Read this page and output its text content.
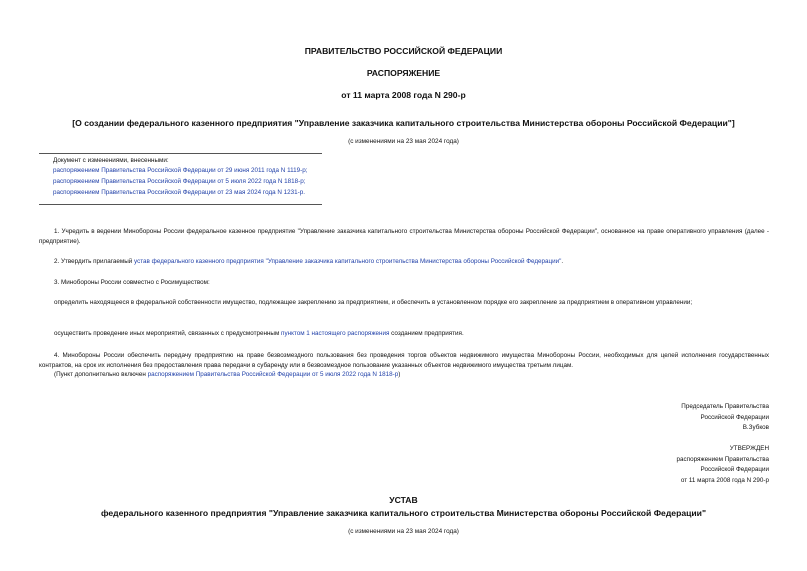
ПРАВИТЕЛЬСТВО РОССИЙСКОЙ ФЕДЕРАЦИИ
РАСПОРЯЖЕНИЕ
от 11 марта 2008 года N 290-р
[О создании федерального казенного предприятия "Управление заказчика капитального строительства Министерства обороны Российской Федерации"]
(с изменениями на 23 мая 2024 года)
Документ с изменениями, внесенными:
распоряжением Правительства Российской Федерации от 29 июня 2011 года N 1119-р;
распоряжением Правительства Российской Федерации от 5 июля 2022 года N 1818-р;
распоряжением Правительства Российской Федерации от 23 мая 2024 года N 1231-р.
1. Учредить в ведении Минобороны России федеральное казенное предприятие "Управление заказчика капитального строительства Министерства обороны Российской Федерации", основанное на праве оперативного управления (далее - предприятие).
2. Утвердить прилагаемый устав федерального казенного предприятия "Управление заказчика капитального строительства Министерства обороны Российской Федерации".
3. Минобороны России совместно с Росимуществом:
определить находящееся в федеральной собственности имущество, подлежащее закреплению за предприятием, и обеспечить в установленном порядке его закрепление за предприятием в оперативном управлении;
осуществить проведение иных мероприятий, связанных с предусмотренным пунктом 1 настоящего распоряжения созданием предприятия.
4. Минобороны России обеспечить передачу предприятию на праве безвозмездного пользования без проведения торгов объектов недвижимого имущества Минобороны России, необходимых для целей исполнения государственных контрактов, на срок их исполнения без предоставления права передачи в субаренду или в безвозмездное пользование указанных объектов недвижимого имущества третьим лицам.
(Пункт дополнительно включен распоряжением Правительства Российской Федерации от 5 июля 2022 года N 1818-р)
Председатель Правительства
Российской Федерации
В.Зубков
УТВЕРЖДЕН
распоряжением Правительства
Российской Федерации
от 11 марта 2008 года N 290-р
УСТАВ
федерального казенного предприятия "Управление заказчика капитального строительства Министерства обороны Российской Федерации"
(с изменениями на 23 мая 2024 года)
